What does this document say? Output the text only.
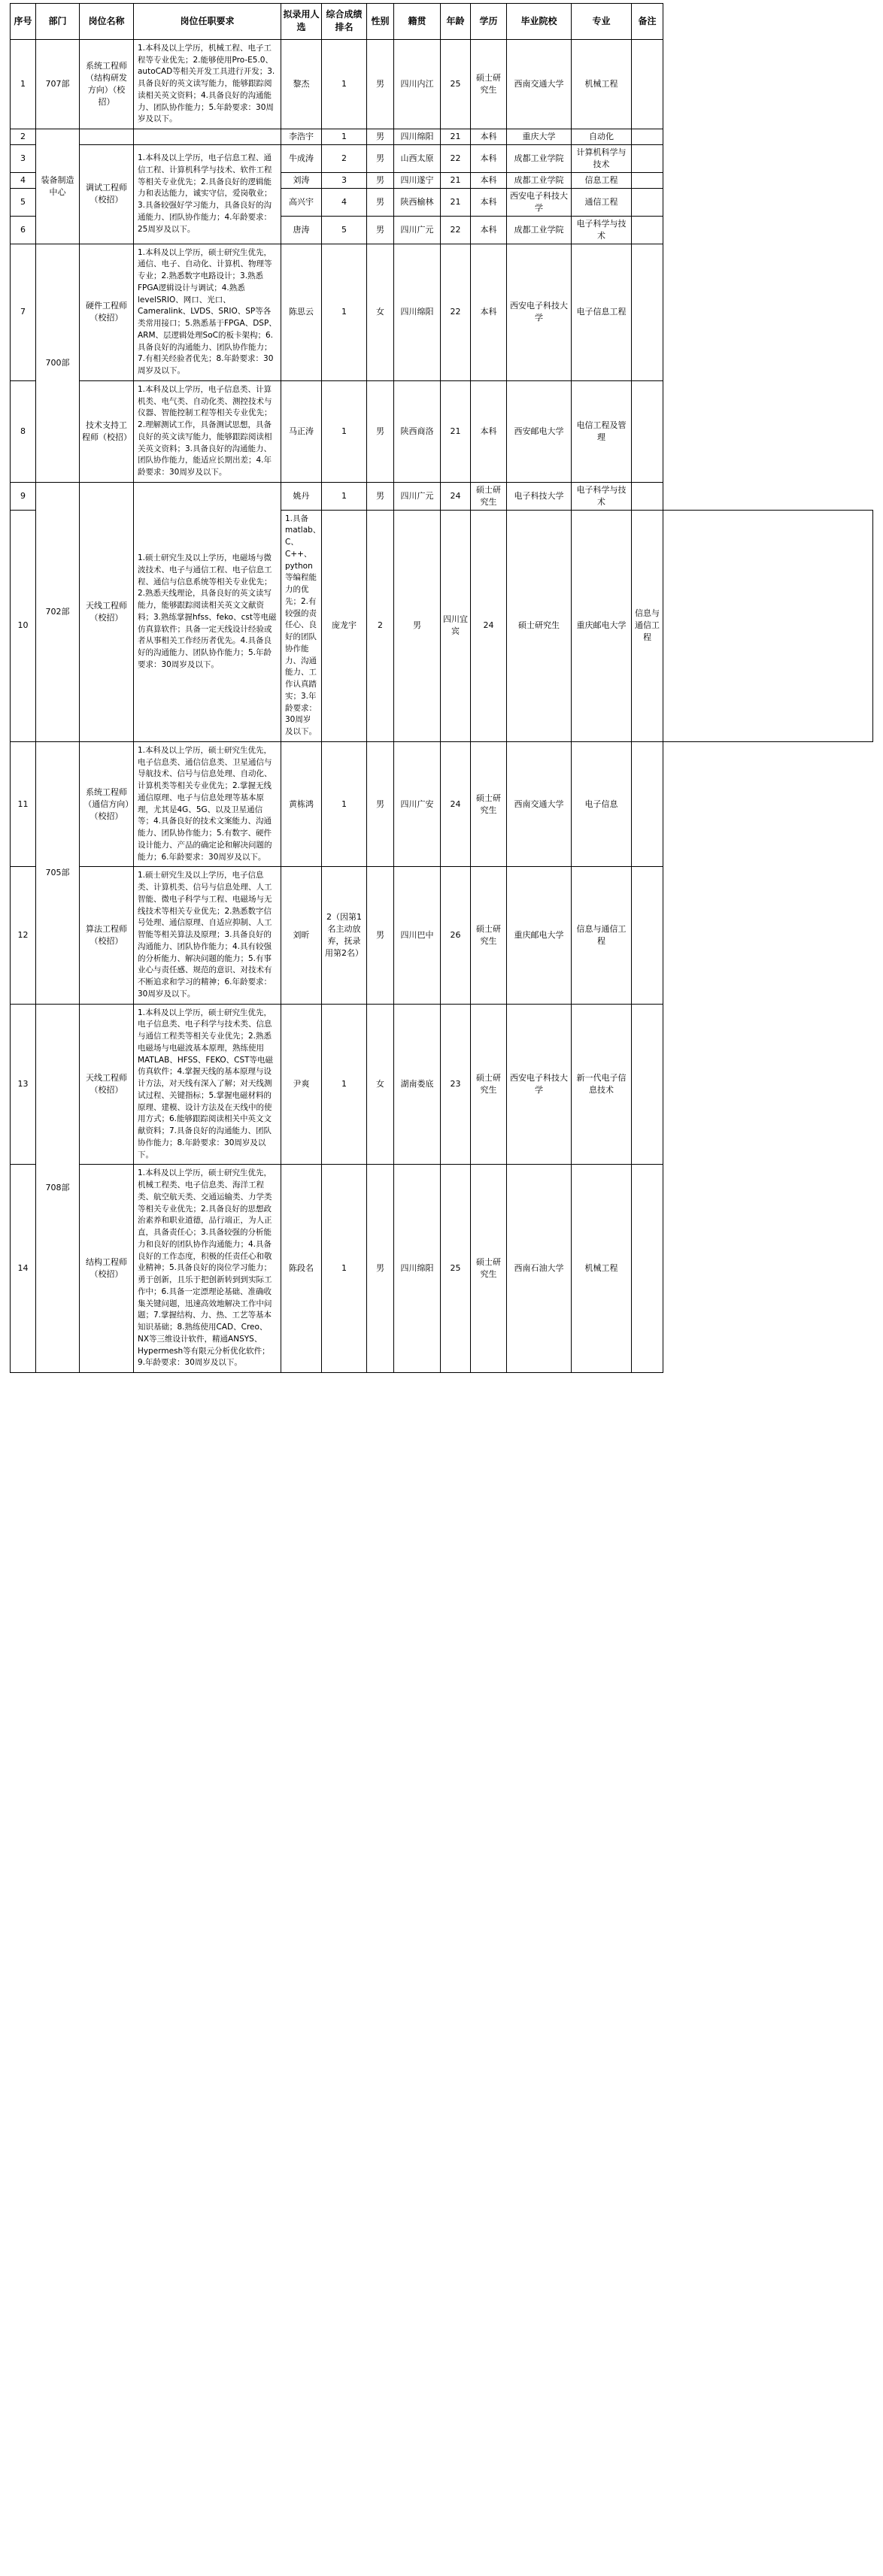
序号	部门	岗位名称	岗位任职要求	拟录用人选	综合成绩排名	性别	籍贯	年龄	学历	毕业院校	专业	备注	
1	707部	系统工程师（结构研发方向）（校招）	1.本科及以上学历，机械工程、电子工程等专业优先；2.能够使用Pro-E5.0、autoCAD等相关开发工具进行开发；3.具备良好的英文读写能力，能够跟踪阅读相关英文资料；4.具备良好的沟通能力、团队协作能力；5.年龄要求：30周岁及以下。	黎杰	1	男	四川内江	25	硕士研究生	西南交通大学	机械工程		
2	装备制造中心			李浩宇	1	男	四川绵阳	21	本科	重庆大学	自动化		
3		调试工程师（校招）	1.本科及以上学历，电子信息工程、通信工程、计算机科学与技术、软件工程等相关专业优先；2.具备良好的逻辑能力和表达能力，诚实守信，爱岗敬业；3.具备较强好学习能力，具备良好的沟通能力、团队协作能力；4.年龄要求：25周岁及以下。	牛成涛	2	男	山西太原	22	本科	成都工业学院	计算机科学与技术		
4				刘涛	3	男	四川遂宁	21	本科	成都工业学院	信息工程		
5				高兴宇	4	男	陕西榆林	21	本科	西安电子科技大学	通信工程		
6				唐涛	5	男	四川广元	22	本科	成都工业学院	电子科学与技术		
7	700部	硬件工程师（校招）	1.本科及以上学历，硕士研究生优先，通信、电子、自动化、计算机、物理等专业；2.熟悉数字电路设计；3.熟悉FPGA逻辑设计与调试；4.熟悉levelSRIO、网口、光口、Cameralink、LVDS、SRIO、SP等各类常用接口；5.熟悉基于FPGA、DSP、ARM、层逻辑处理SoC的板卡架构；6.具备良好的沟通能力、团队协作能力；7.有相关经验者优先；8.年龄要求：30周岁及以下。	陈思云	1	女	四川绵阳	22	本科	西安电子科技大学	电子信息工程		
8		技术支持工程师（校招）	1.本科及以上学历，电子信息类、计算机类、电气类、自动化类、测控技术与仪器、智能控制工程等相关专业优先；2.理解测试工作，具备测试思想，具备良好的英文读写能力，能够跟踪阅读相关英文资料；3.具备良好的沟通能力、团队协作能力，能适应长期出差；4.年龄要求：30周岁及以下。	马正涛	1	男	陕西商洛	21	本科	西安邮电大学	电信工程及管理		
9	702部	天线工程师（校招）	1.硕士研究生及以上学历，电磁场与微波技术、电子与通信工程、电子信息工程、通信与信息系统等相关专业优先；2.熟悉天线理论，具备良好的英文读写能力，能够跟踪阅读相关英文文献资料；3.熟练掌握hfss、feko、cst等电磁仿真算软件；具备一定天线设计经验或者从事相关工作经历者优先。4.具备良好的沟通能力、团队协作能力；5.年龄要求：30周岁及以下。	姚丹	1	男	四川广元	24	硕士研究生	电子科技大学	电子科学与技术		
10				1.具备matlab、C、C++、python等编程能力的优先；2.有较强的责任心、良好的团队协作能力、沟通能力、工作认真踏实；3.年龄要求：30周岁及以下。	庞龙宇	2	男	四川宜宾	24	硕士研究生	重庆邮电大学	信息与通信工程	
11	705部	系统工程师（通信方向）（校招）	1.本科及以上学历，硕士研究生优先，电子信息类、通信信息类、卫星通信与导航技术、信号与信息处理、自动化、计算机类等相关专业优先；2.掌握无线通信原理、电子与信息处理等基本原理，尤其是4G、5G、以及卫星通信等；4.具备良好的技术文案能力、沟通能力、团队协作能力；5.有数字、硬件设计能力、产品的确定论和解决问题的能力；6.年龄要求：30周岁及以下。	黄栋鸿	1	男	四川广安	24	硕士研究生	西南交通大学	电子信息		
12		算法工程师（校招）	1.硕士研究生及以上学历，电子信息类、计算机类、信号与信息处理、人工智能、微电子科学与工程、电磁场与无线技术等相关专业优先；2.熟悉数字信号处理、通信原理、自适应抑制、人工智能等相关算法及原理；3.具备良好的沟通能力、团队协作能力；4.具有较强的分析能力、解决问题的能力；5.有事业心与责任感、规范的意识、对技术有不断追求和学习的精神；6.年龄要求：30周岁及以下。	刘昕	2（因第1名主动放弃，抚录用第2名）	男	四川巴中	26	硕士研究生	重庆邮电大学	信息与通信工程		
13	708部	天线工程师（校招）	1.本科及以上学历，硕士研究生优先，电子信息类、电子科学与技术类、信息与通信工程类等相关专业优先；2.熟悉电磁场与电磁波基本原理，熟练使用MATLAB、HFSS、FEKO、CST等电磁仿真软件；4.掌握天线的基本原理与设计方法，对天线有深入了解；对天线测试过程、关键指标；5.掌握电磁材料的原理、建模、设计方法及在天线中的使用方式；6.能够跟踪阅读相关中英文文献资料；7.具备良好的沟通能力、团队协作能力；8.年龄要求：30周岁及以下。	尹爽	1	女	湖南娄底	23	硕士研究生	西安电子科技大学	新一代电子信息技术		
14		结构工程师（校招）	1.本科及以上学历，硕士研究生优先，机械工程类、电子信息类、海洋工程类、航空航天类、交通运输类、力学类等相关专业优先；2.具备良好的思想政治素养和职业道德，品行端正，为人正直，具备责任心；3.具备较强的分析能力和良好的团队协作沟通能力；4.具备良好的工作态度，积极的任责任心和敬业精神；5.具备良好的岗位学习能力；勇于创新，且乐于把创新转到到实际工作中；6.具备一定漂理论基础、准确收集关键问题，迅速高效地解决工作中问题；7.掌握结构、力、热、工艺等基本知识基础；8.熟练使用CAD、Creo、NX等三维设计软件，精通ANSYS、Hypermesh等有限元分析优化软件；9.年龄要求：30周岁及以下。	陈段名	1	男	四川绵阳	25	硕士研究生	西南石油大学	机械工程		
